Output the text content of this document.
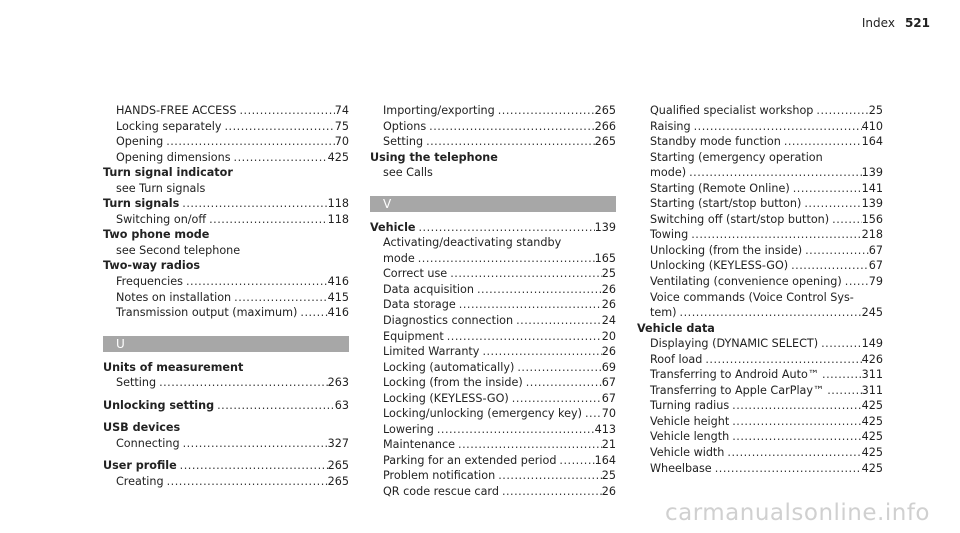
Index 521
HANDS-FREE ACCESS .....	74
Locking separately .....	75
Opening .....	70
Opening dimensions .....	425
Turn signal indicator
see Turn signals
Turn signals .....	118
Switching on/off .....	118
Two phone mode
see Second telephone
Two-way radios
Frequencies .....	416
Notes on installation .....	415
Transmission output (maximum) .....	416
U
Units of measurement
Setting .....	263
Unlocking setting .....	63
USB devices
Connecting .....	327
User profile .....	265
Creating .....	265
Importing/exporting .....	265
Options .....	266
Setting .....	265
Using the telephone
see Calls
V
Vehicle .....	139
Activating/deactivating standby
mode .....	165
Correct use .....	25
Data acquisition .....	26
Data storage .....	26
Diagnostics connection .....	24
Equipment .....	20
Limited Warranty .....	26
Locking (automatically) .....	69
Locking (from the inside) .....	67
Locking (KEYLESS-GO) .....	67
Locking/unlocking (emergency key) ..... 70
Lowering .....	413
Maintenance .....	21
Parking for an extended period .....	164
Problem notification .....	25
QR code rescue card .....	26
Qualified specialist workshop .....	25
Raising .....	410
Standby mode function .....	164
Starting (emergency operation
mode) .....	139
Starting (Remote Online) .....	141
Starting (start/stop button) .....	139
Switching off (start/stop button) .....	156
Towing .....	218
Unlocking (from the inside) .....	67
Unlocking (KEYLESS-GO) .....	67
Ventilating (convenience opening) ..... 79
Voice commands (Voice Control Sys-
tem) .....	245
Vehicle data
Displaying (DYNAMIC SELECT) .....	149
Roof load .....	426
Transferring to Android Auto™ .....	311
Transferring to Apple CarPlay™ .....	311
Turning radius .....	425
Vehicle height .....	425
Vehicle length .....	425
Vehicle width .....	425
Wheelbase .....	425
carmanualsonline.info
